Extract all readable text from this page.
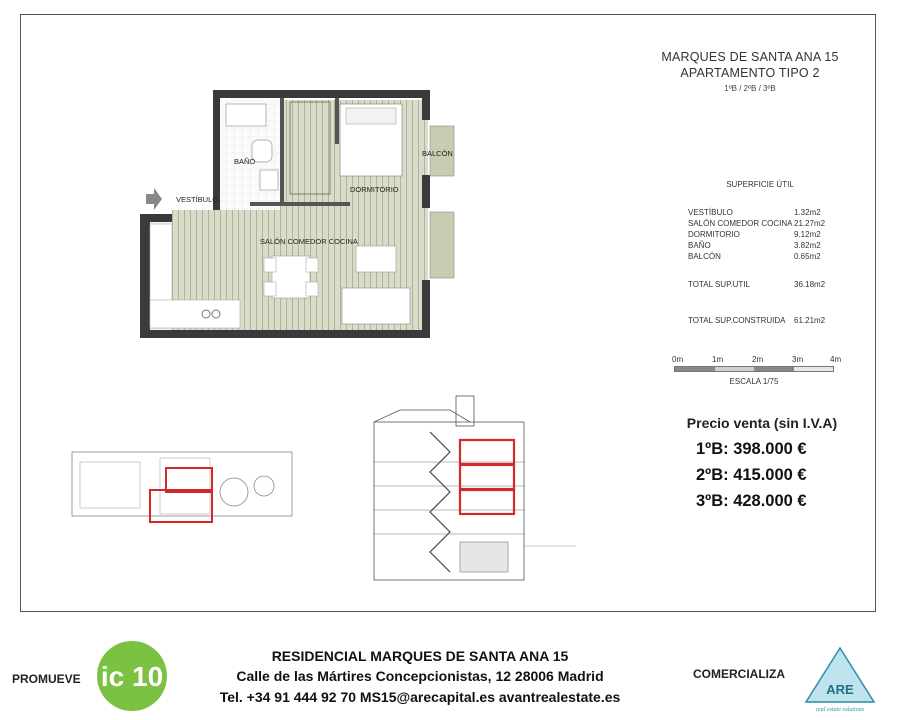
BAÑO
BALCÓN
DORMITORIO
VESTÍBULO
SALÓN COMEDOR COCINA
MARQUES DE SANTA ANA 15
APARTAMENTO TIPO 2
1ºB / 2ºB / 3ºB
SUPERFICIE ÚTIL
VESTÍBULO	1.32m2
SALÓN COMEDOR COCINA 21.27m2
DORMITORIO	9.12m2
BAÑO	3.82m2
BALCÓN	0.65m2
TOTAL SUP.UTIL	36.18m2
TOTAL SUP.CONSTRUIDA	61.21m2
0m	1m	2m	3m	4m
ESCALA 1/75
Precio venta (sin I.V.A)
1ºB: 398.000 €
2ºB: 415.000 €
3ºB: 428.000 €
PROMUEVE ic 10
RESIDENCIAL MARQUES DE SANTA ANA 15
Calle de las Mártires Concepcionistas, 12 28006 Madrid
Tel. +34 91 444 92 70 MS15@arecapital.es avantrealestate.es
COMERCIALIZA
ARE
real estate solutions
